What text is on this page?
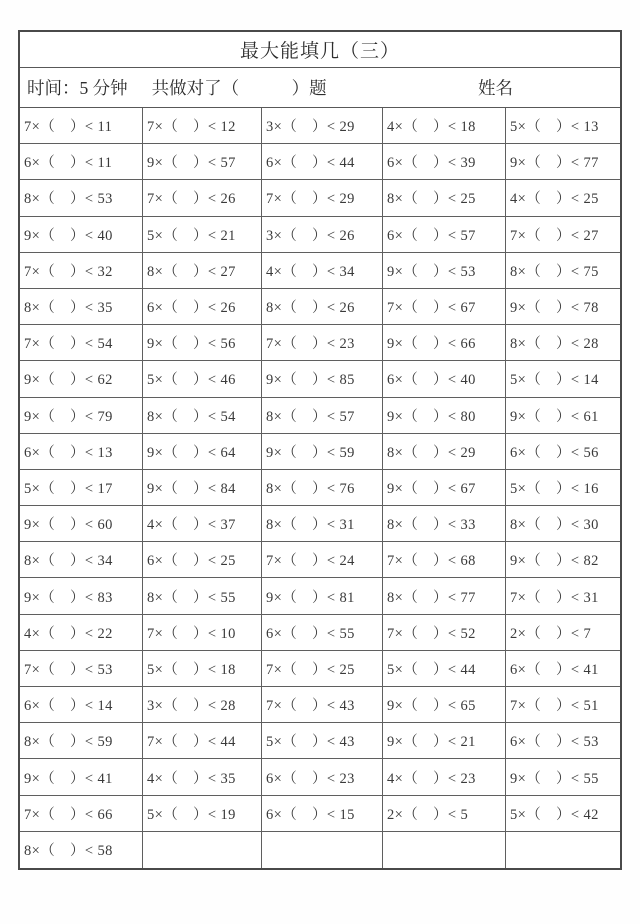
最大能填几（三）
时间：5 分钟 共做对了（　　　）题	姓名
7×（　）< 11	7×（　）< 12	3×（　）< 29	4×（　）< 18	5×（　）< 13
6×（　）< 11	9×（　）< 57	6×（　）< 44	6×（　）< 39	9×（　）< 77
8×（　）< 53	7×（　）< 26	7×（　）< 29	8×（　）< 25	4×（　）< 25
9×（　）< 40	5×（　）< 21	3×（　）< 26	6×（　）< 57	7×（　）< 27
7×（　）< 32	8×（　）< 27	4×（　）< 34	9×（　）< 53	8×（　）< 75
8×（　）< 35	6×（　）< 26	8×（　）< 26	7×（　）< 67	9×（　）< 78
7×（　）< 54	9×（　）< 56	7×（　）< 23	9×（　）< 66	8×（　）< 28
9×（　）< 62	5×（　）< 46	9×（　）< 85	6×（　）< 40	5×（　）< 14
9×（　）< 79	8×（　）< 54	8×（　）< 57	9×（　）< 80	9×（　）< 61
6×（　）< 13	9×（　）< 64	9×（　）< 59	8×（　）< 29	6×（　）< 56
5×（　）< 17	9×（　）< 84	8×（　）< 76	9×（　）< 67	5×（　）< 16
9×（　）< 60	4×（　）< 37	8×（　）< 31	8×（　）< 33	8×（　）< 30
8×（　）< 34	6×（　）< 25	7×（　）< 24	7×（　）< 68	9×（　）< 82
9×（　）< 83	8×（　）< 55	9×（　）< 81	8×（　）< 77	7×（　）< 31
4×（　）< 22	7×（　）< 10	6×（　）< 55	7×（　）< 52	2×（　）< 7
7×（　）< 53	5×（　）< 18	7×（　）< 25	5×（　）< 44	6×（　）< 41
6×（　）< 14	3×（　）< 28	7×（　）< 43	9×（　）< 65	7×（　）< 51
8×（　）< 59	7×（　）< 44	5×（　）< 43	9×（　）< 21	6×（　）< 53
9×（　）< 41	4×（　）< 35	6×（　）< 23	4×（　）< 23	9×（　）< 55
7×（　）< 66	5×（　）< 19	6×（　）< 15	2×（　）< 5	5×（　）< 42
8×（　）< 58
